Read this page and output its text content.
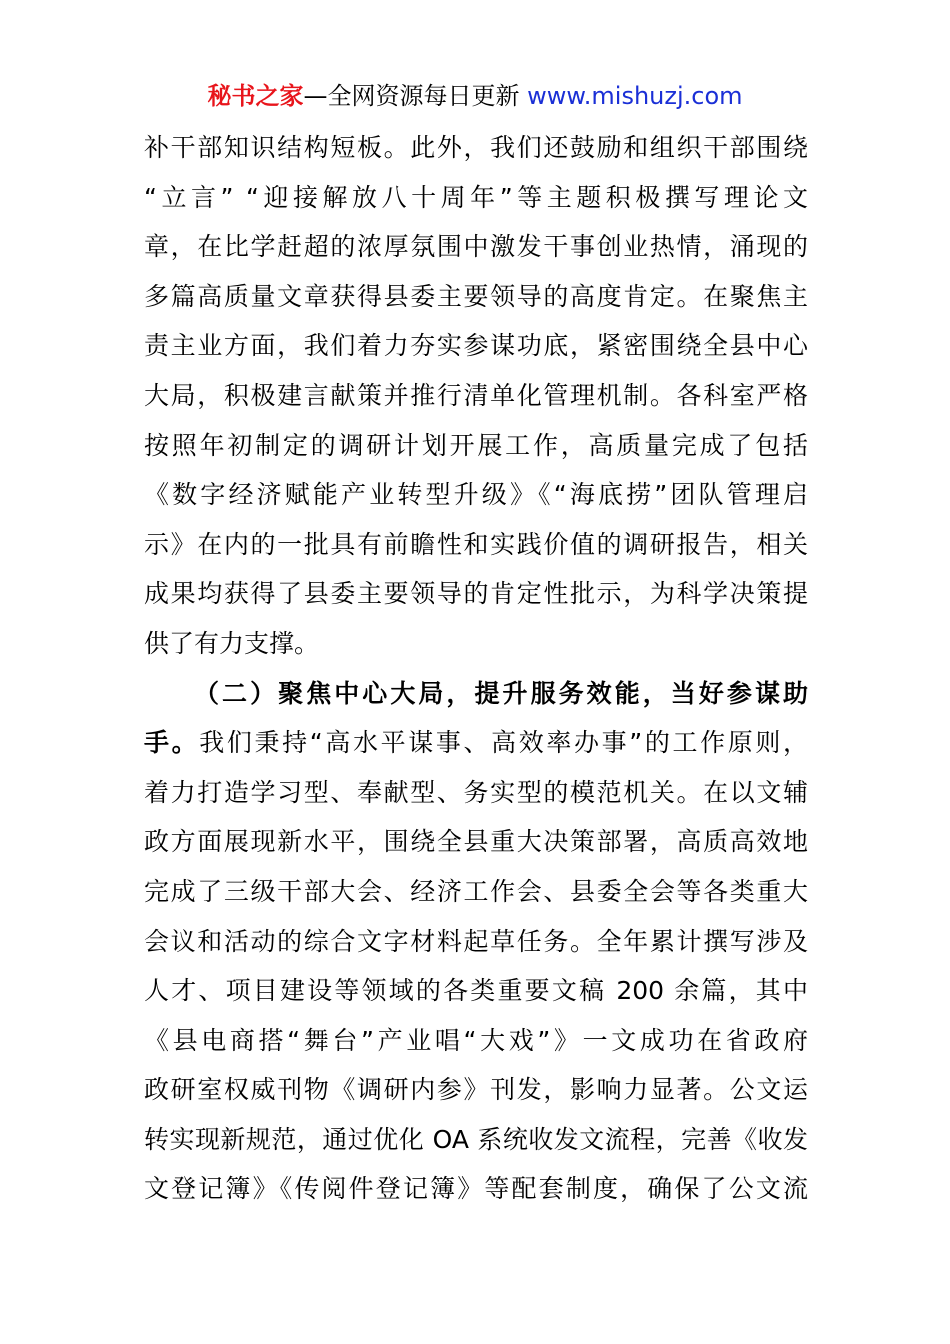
秘书之家—全网资源每日更新 www.mishuzj.com
补干部知识结构短板。此外，我们还鼓励和组织干部围绕
“立言” “迎接解放八十周年”等主题积极撰写理论文
章，在比学赶超的浓厚氛围中激发干事创业热情，涌现的
多篇高质量文章获得县委主要领导的高度肯定。在聚焦主
责主业方面，我们着力夯实参谋功底，紧密围绕全县中心
大局，积极建言献策并推行清单化管理机制。各科室严格
按照年初制定的调研计划开展工作，高质量完成了包括
《数字经济赋能产业转型升级》《“海底捞”团队管理启
示》在内的一批具有前瞻性和实践价值的调研报告，相关
成果均获得了县委主要领导的肯定性批示，为科学决策提
供了有力支撑。
（二）聚焦中心大局，提升服务效能，当好参谋助
手。我们秉持“高水平谋事、高效率办事”的工作原则，
着力打造学习型、奉献型、务实型的模范机关。在以文辅
政方面展现新水平，围绕全县重大决策部署，高质高效地
完成了三级干部大会、经济工作会、县委全会等各类重大
会议和活动的综合文字材料起草任务。全年累计撰写涉及
人才、项目建设等领域的各类重要文稿 200 余篇，其中
《县电商搭“舞台”产业唱“大戏”》一文成功在省政府
政研室权威刊物《调研内参》刊发，影响力显著。公文运
转实现新规范，通过优化 OA 系统收发文流程，完善《收发
文登记簿》《传阅件登记簿》等配套制度，确保了公文流
